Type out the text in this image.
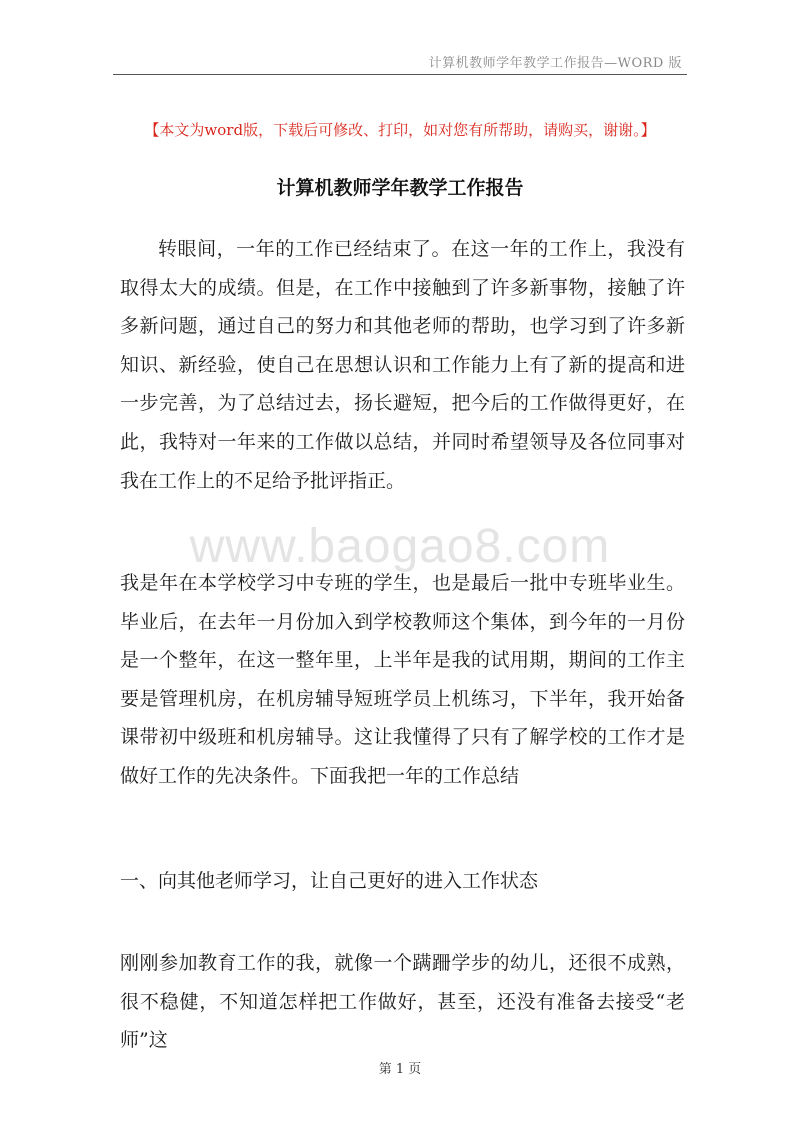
计算机教师学年教学工作报告—WORD 版
【本文为word版，下载后可修改、打印，如对您有所帮助，请购买，谢谢。】
计算机教师学年教学工作报告

转眼间，一年的工作已经结束了。在这一年的工作上，我没有取得太大的成绩。但是，在工作中接触到了许多新事物，接触了许多新问题，通过自己的努力和其他老师的帮助，也学习到了许多新知识、新经验，使自己在思想认识和工作能力上有了新的提高和进一步完善，为了总结过去，扬长避短，把今后的工作做得更好，在此，我特对一年来的工作做以总结，并同时希望领导及各位同事对我在工作上的不足给予批评指正。

www.baogao8.com

我是年在本学校学习中专班的学生，也是最后一批中专班毕业生。毕业后，在去年一月份加入到学校教师这个集体，到今年的一月份是一个整年，在这一整年里，上半年是我的试用期，期间的工作主要是管理机房，在机房辅导短班学员上机练习，下半年，我开始备课带初中级班和机房辅导。这让我懂得了只有了解学校的工作才是做好工作的先决条件。下面我把一年的工作总结

一、向其他老师学习，让自己更好的进入工作状态

刚刚参加教育工作的我，就像一个蹒跚学步的幼儿，还很不成熟，很不稳健，不知道怎样把工作做好，甚至，还没有准备去接受“老师”这

第 1 页
